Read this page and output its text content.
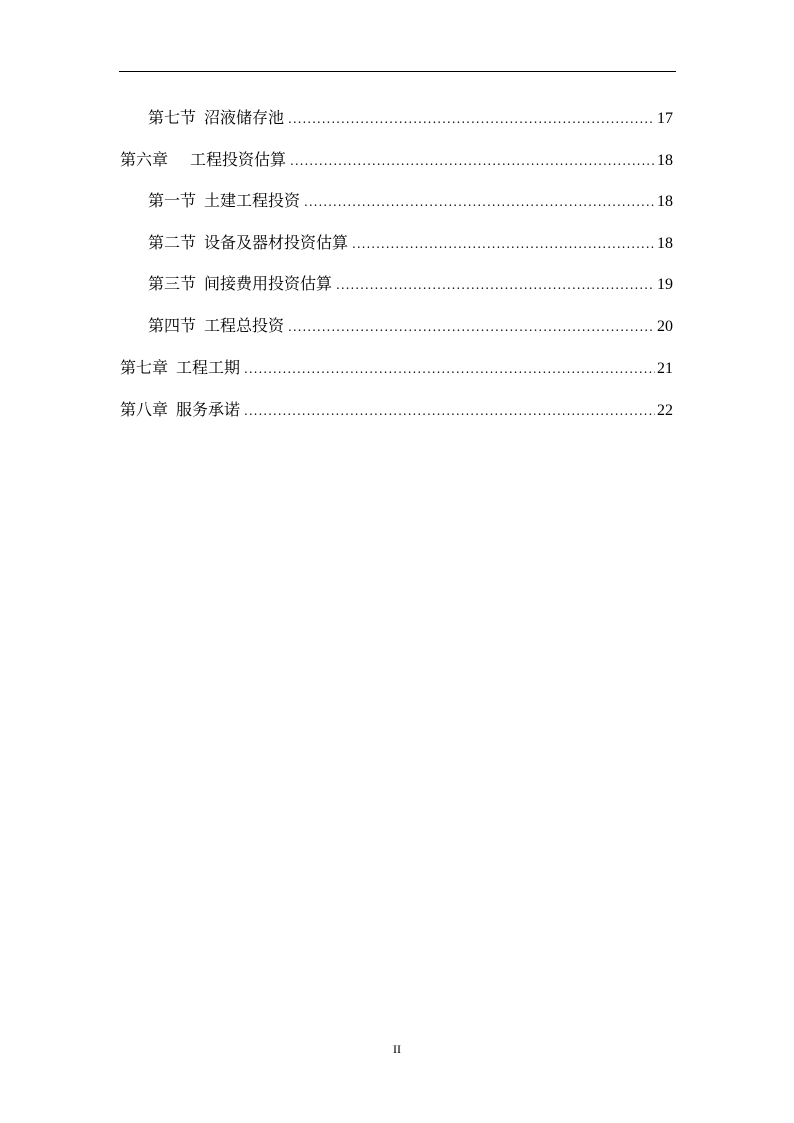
第七节 沼液储存池 .....	17
第六章 工程投资估算 .....	18
第一节 土建工程投资 .....	18
第二节 设备及器材投资估算 .....	18
第三节 间接费用投资估算 .....	19
第四节 工程总投资 .....	20
第七章 工程工期 .....	21
第八章 服务承诺 .....	22
II
